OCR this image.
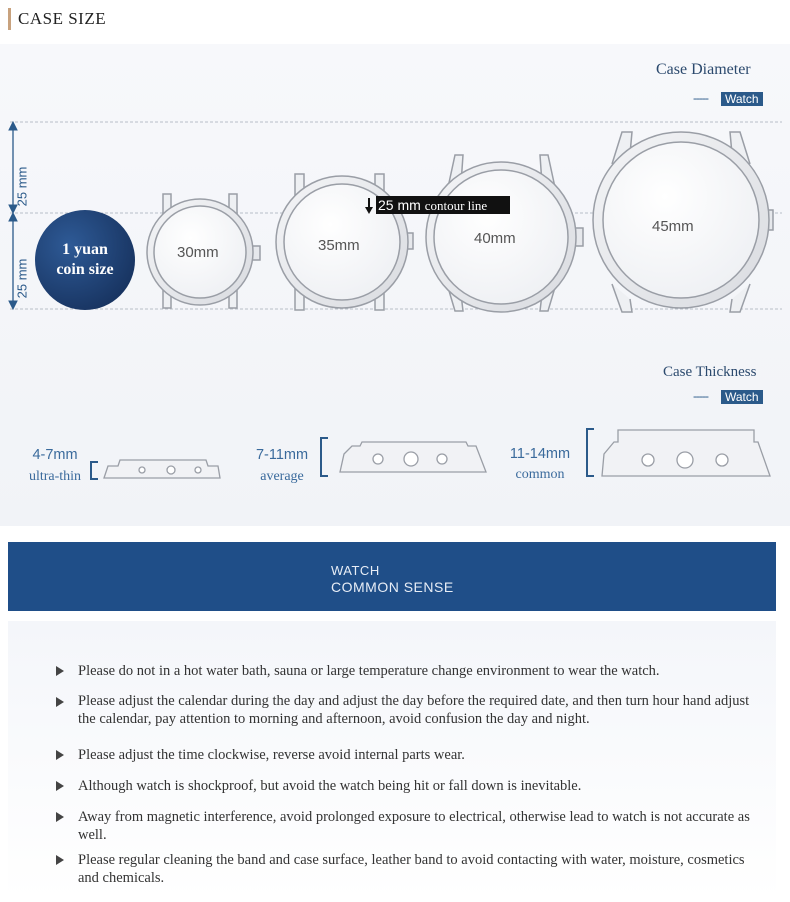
CASE SIZE
Case Diameter
-----	Watch
25 mm
25 mm
1 yuan
coin size
25 mm contour line
30mm	35mm	40mm
45mm
Case Thickness
-----	Watch
4-7mm
ultra-thin
7-11mm
average
11-14mm
common
WATCH
COMMON SENSE
Please do not in a hot water bath, sauna or large temperature change environment to wear the watch.
Please adjust the calendar during the day and adjust the day before the required date, and then turn hour hand adjust the calendar, pay attention to morning and afternoon, avoid confusion the day and night.
Please adjust the time clockwise, reverse avoid internal parts wear.
Although watch is shockproof, but avoid the watch being hit or fall down is inevitable.
Away from magnetic interference, avoid prolonged exposure to electrical, otherwise lead to watch is not accurate as well.
Please regular cleaning the band and case surface, leather band to avoid contacting with water, moisture, cosmetics and chemicals.
